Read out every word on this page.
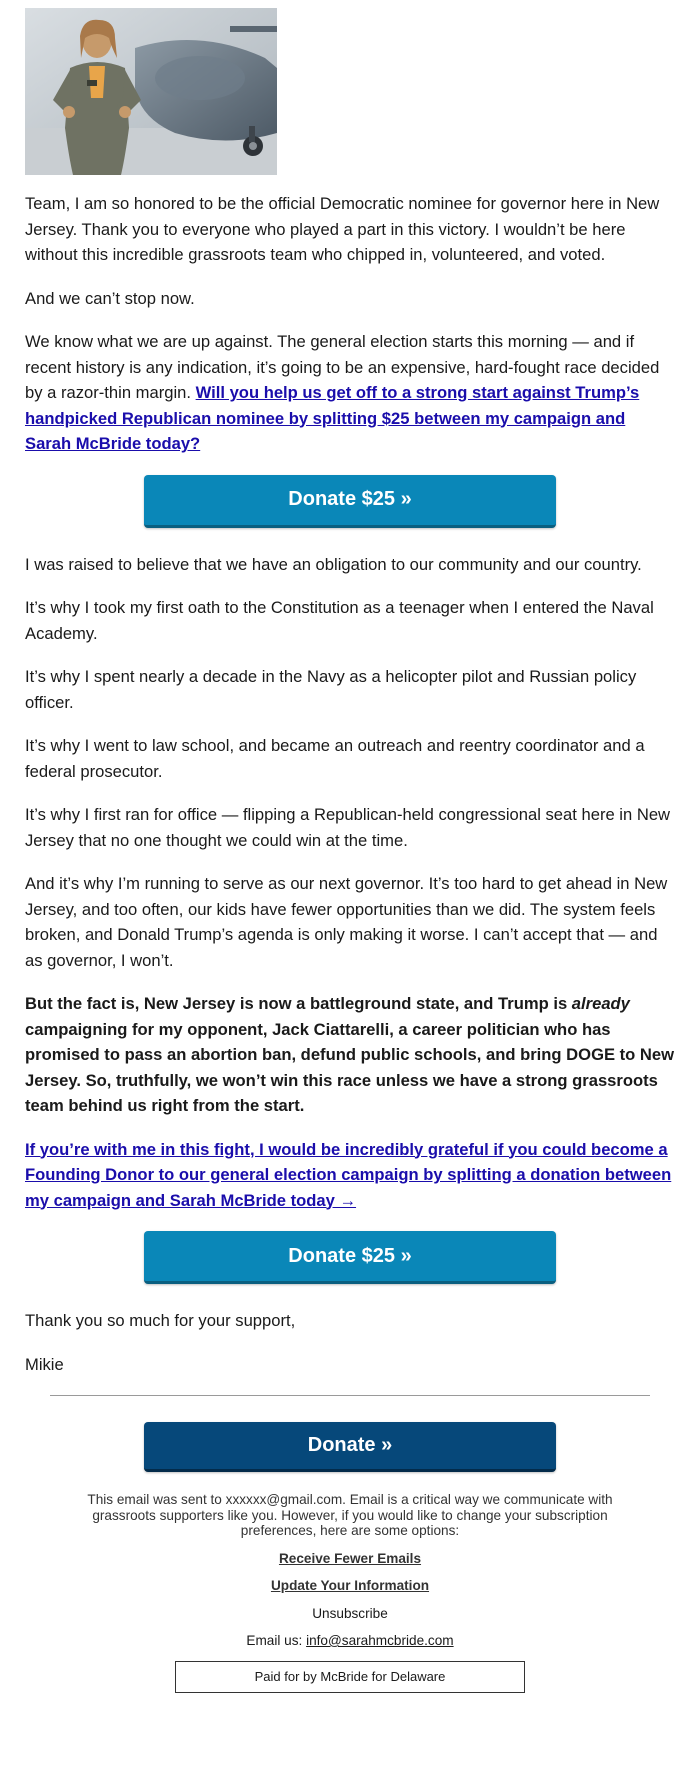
Team, I am so honored to be the official Democratic nominee for governor here in New Jersey. Thank you to everyone who played a part in this victory. I wouldn’t be here without this incredible grassroots team who chipped in, volunteered, and voted.

And we can’t stop now.

We know what we are up against. The general election starts this morning — and if recent history is any indication, it’s going to be an expensive, hard-fought race decided by a razor-thin margin. Will you help us get off to a strong start against Trump’s handpicked Republican nominee by splitting $25 between my campaign and Sarah McBride today?

Donate $25 »

I was raised to believe that we have an obligation to our community and our country.

It’s why I took my first oath to the Constitution as a teenager when I entered the Naval Academy.

It’s why I spent nearly a decade in the Navy as a helicopter pilot and Russian policy officer.

It’s why I went to law school, and became an outreach and reentry coordinator and a federal prosecutor.

It’s why I first ran for office — flipping a Republican-held congressional seat here in New Jersey that no one thought we could win at the time.

And it’s why I’m running to serve as our next governor. It’s too hard to get ahead in New Jersey, and too often, our kids have fewer opportunities than we did. The system feels broken, and Donald Trump’s agenda is only making it worse. I can’t accept that — and as governor, I won’t.

But the fact is, New Jersey is now a battleground state, and Trump is already campaigning for my opponent, Jack Ciattarelli, a career politician who has promised to pass an abortion ban, defund public schools, and bring DOGE to New Jersey. So, truthfully, we won’t win this race unless we have a strong grassroots team behind us right from the start.

If you’re with me in this fight, I would be incredibly grateful if you could become a Founding Donor to our general election campaign by splitting a donation between my campaign and Sarah McBride today →

Donate $25 »

Thank you so much for your support,

Mikie

Donate »
This email was sent to xxxxxx@gmail.com. Email is a critical way we communicate with grassroots supporters like you. However, if you would like to change your subscription preferences, here are some options:
Receive Fewer Emails
Update Your Information
Unsubscribe
Email us: info@sarahmcbride.com
Paid for by McBride for Delaware
